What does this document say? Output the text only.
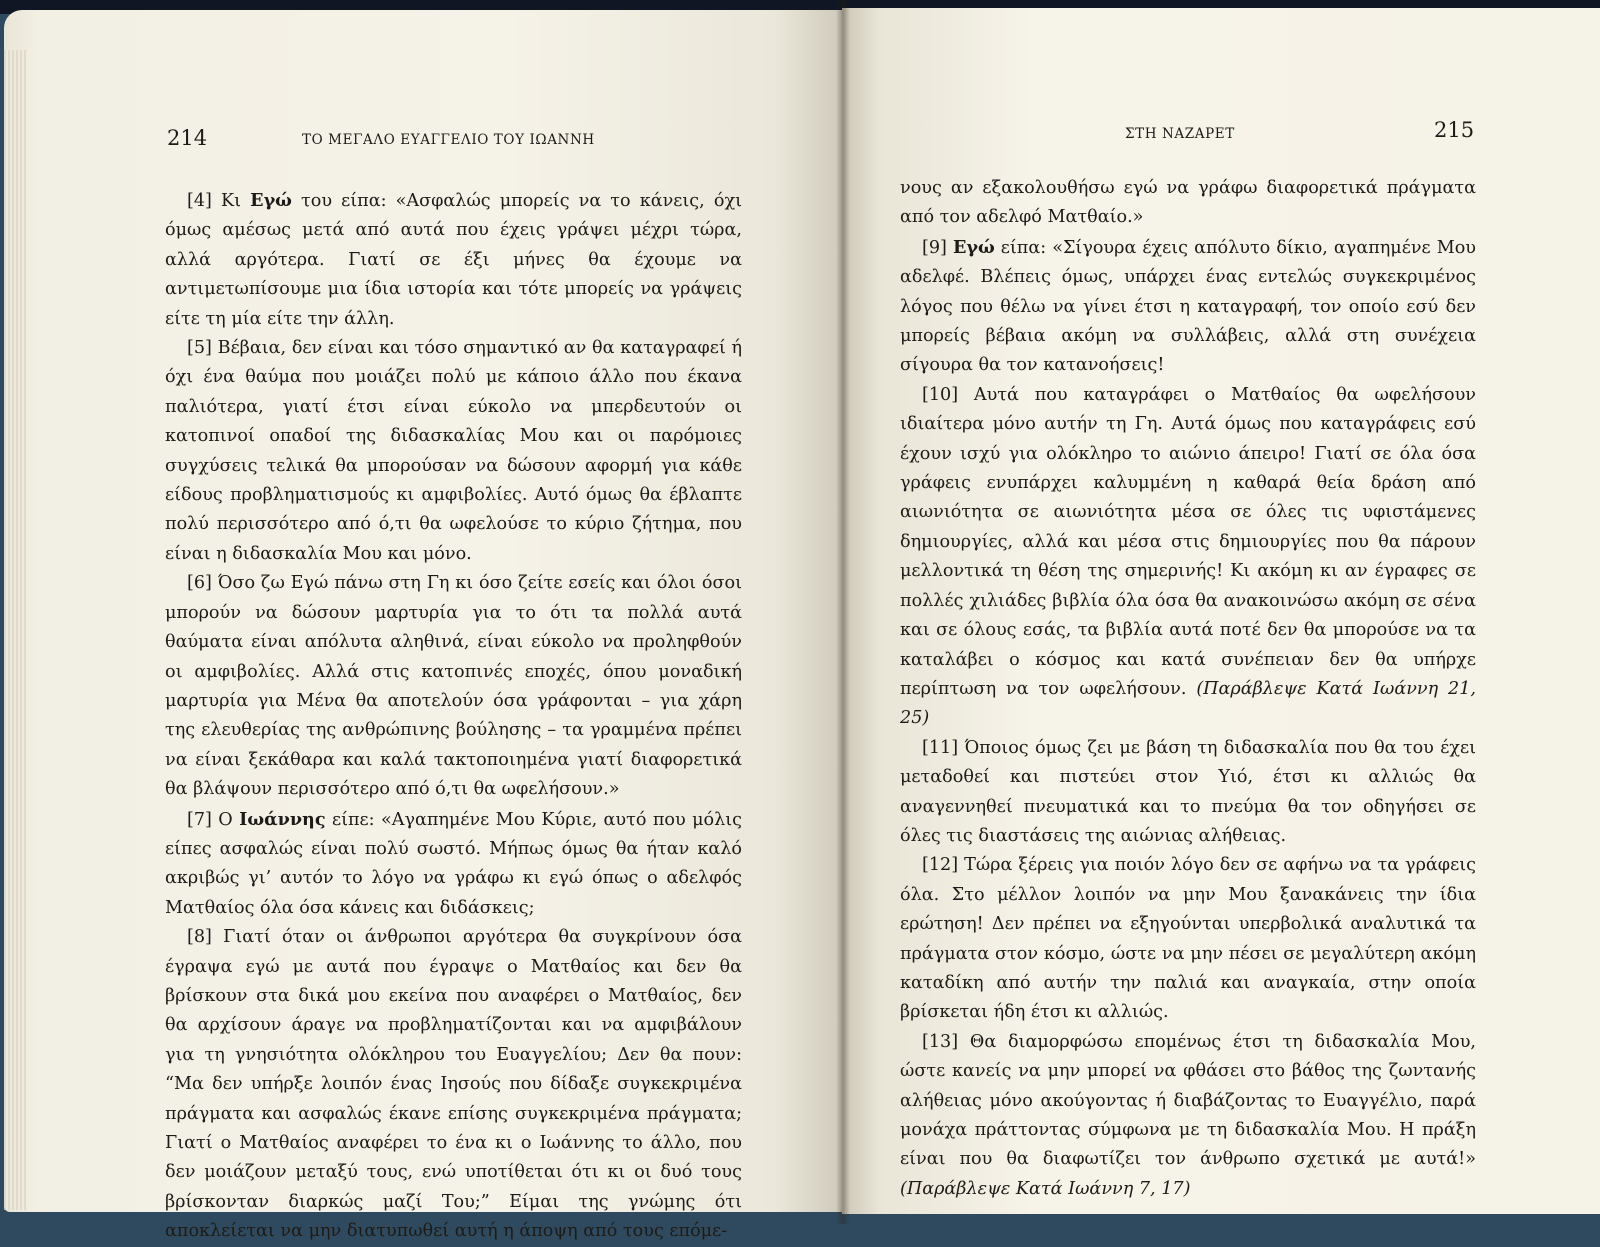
214	ΤΟ ΜΕΓΑΛΟ ΕΥΑΓΓΕΛΙΟ ΤΟΥ ΙΩΑΝΝΗ

[4] Κι Εγώ του είπα: «Ασφαλώς μπορείς να το κάνεις, όχι όμως αμέσως μετά από αυτά που έχεις γράψει μέχρι τώρα, αλλά αργότερα. Γιατί σε έξι μήνες θα έχουμε να αντιμετωπίσουμε μια ίδια ιστορία και τότε μπορείς να γράψεις είτε τη μία είτε την άλλη.

[5] Βέβαια, δεν είναι και τόσο σημαντικό αν θα καταγραφεί ή όχι ένα θαύμα που μοιάζει πολύ με κάποιο άλλο που έκανα παλιότερα, γιατί έτσι είναι εύκολο να μπερδευτούν οι κατοπινοί οπαδοί της διδασκαλίας Μου και οι παρόμοιες συγχύσεις τελικά θα μπορούσαν να δώσουν αφορμή για κάθε είδους προβληματισμούς κι αμφιβολίες. Αυτό όμως θα έβλαπτε πολύ περισσότερο από ό,τι θα ωφελούσε το κύριο ζήτημα, που είναι η διδασκαλία Μου και μόνο.

[6] Όσο ζω Εγώ πάνω στη Γη κι όσο ζείτε εσείς και όλοι όσοι μπορούν να δώσουν μαρτυρία για το ότι τα πολλά αυτά θαύματα είναι απόλυτα αληθινά, είναι εύκολο να προληφθούν οι αμφιβολίες. Αλλά στις κατοπινές εποχές, όπου μοναδική μαρτυρία για Μένα θα αποτελούν όσα γράφονται – για χάρη της ελευθερίας της ανθρώπινης βούλησης – τα γραμμένα πρέπει να είναι ξεκάθαρα και καλά τακτοποιημένα γιατί διαφορετικά θα βλάψουν περισσότερο από ό,τι θα ωφελήσουν.»

[7] Ο Ιωάννης είπε: «Αγαπημένε Μου Κύριε, αυτό που μόλις είπες ασφαλώς είναι πολύ σωστό. Μήπως όμως θα ήταν καλό ακριβώς γι’ αυτόν το λόγο να γράφω κι εγώ όπως ο αδελφός Ματθαίος όλα όσα κάνεις και διδάσκεις;

[8] Γιατί όταν οι άνθρωποι αργότερα θα συγκρίνουν όσα έγραψα εγώ με αυτά που έγραψε ο Ματθαίος και δεν θα βρίσκουν στα δικά μου εκείνα που αναφέρει ο Ματθαίος, δεν θα αρχίσουν άραγε να προβληματίζονται και να αμφιβάλουν για τη γνησιότητα ολόκληρου του Ευαγγελίου; Δεν θα πουν: “Μα δεν υπήρξε λοιπόν ένας Ιησούς που δίδαξε συγκεκριμένα πράγματα και ασφαλώς έκανε επίσης συγκεκριμένα πράγματα; Γιατί ο Ματθαίος αναφέρει το ένα κι ο Ιωάννης το άλλο, που δεν μοιάζουν μεταξύ τους, ενώ υποτίθεται ότι κι οι δυό τους βρίσκονταν διαρκώς μαζί Του;” Είμαι της γνώμης ότι αποκλείεται να μην διατυπωθεί αυτή η άποψη από τους επόμε-

ΣΤΗ ΝΑΖΑΡΕΤ	215

νους αν εξακολουθήσω εγώ να γράφω διαφορετικά πράγματα από τον αδελφό Ματθαίο.»

[9] Εγώ είπα: «Σίγουρα έχεις απόλυτο δίκιο, αγαπημένε Μου αδελφέ. Βλέπεις όμως, υπάρχει ένας εντελώς συγκεκριμένος λόγος που θέλω να γίνει έτσι η καταγραφή, τον οποίο εσύ δεν μπορείς βέβαια ακόμη να συλλάβεις, αλλά στη συνέχεια σίγουρα θα τον κατανοήσεις!

[10] Αυτά που καταγράφει ο Ματθαίος θα ωφελήσουν ιδιαίτερα μόνο αυτήν τη Γη. Αυτά όμως που καταγράφεις εσύ έχουν ισχύ για ολόκληρο το αιώνιο άπειρο! Γιατί σε όλα όσα γράφεις ενυπάρχει καλυμμένη η καθαρά θεία δράση από αιωνιότητα σε αιωνιότητα μέσα σε όλες τις υφιστάμενες δημιουργίες, αλλά και μέσα στις δημιουργίες που θα πάρουν μελλοντικά τη θέση της σημερινής! Κι ακόμη κι αν έγραφες σε πολλές χιλιάδες βιβλία όλα όσα θα ανακοινώσω ακόμη σε σένα και σε όλους εσάς, τα βιβλία αυτά ποτέ δεν θα μπορούσε να τα καταλάβει ο κόσμος και κατά συνέπειαν δεν θα υπήρχε περίπτωση να τον ωφελήσουν. (Παράβλεψε Κατά Ιωάννη 21, 25)

[11] Όποιος όμως ζει με βάση τη διδασκαλία που θα του έχει μεταδοθεί και πιστεύει στον Υιό, έτσι κι αλλιώς θα αναγεννηθεί πνευματικά και το πνεύμα θα τον οδηγήσει σε όλες τις διαστάσεις της αιώνιας αλήθειας.

[12] Τώρα ξέρεις για ποιόν λόγο δεν σε αφήνω να τα γράφεις όλα. Στο μέλλον λοιπόν να μην Μου ξανακάνεις την ίδια ερώτηση! Δεν πρέπει να εξηγούνται υπερβολικά αναλυτικά τα πράγματα στον κόσμο, ώστε να μην πέσει σε μεγαλύτερη ακόμη καταδίκη από αυτήν την παλιά και αναγκαία, στην οποία βρίσκεται ήδη έτσι κι αλλιώς.

[13] Θα διαμορφώσω επομένως έτσι τη διδασκαλία Μου, ώστε κανείς να μην μπορεί να φθάσει στο βάθος της ζωντανής αλήθειας μόνο ακούγοντας ή διαβάζοντας το Ευαγγέλιο, παρά μονάχα πράττοντας σύμφωνα με τη διδασκαλία Μου. Η πράξη είναι που θα διαφωτίζει τον άνθρωπο σχετικά με αυτά!» (Παράβλεψε Κατά Ιωάννη 7, 17)
